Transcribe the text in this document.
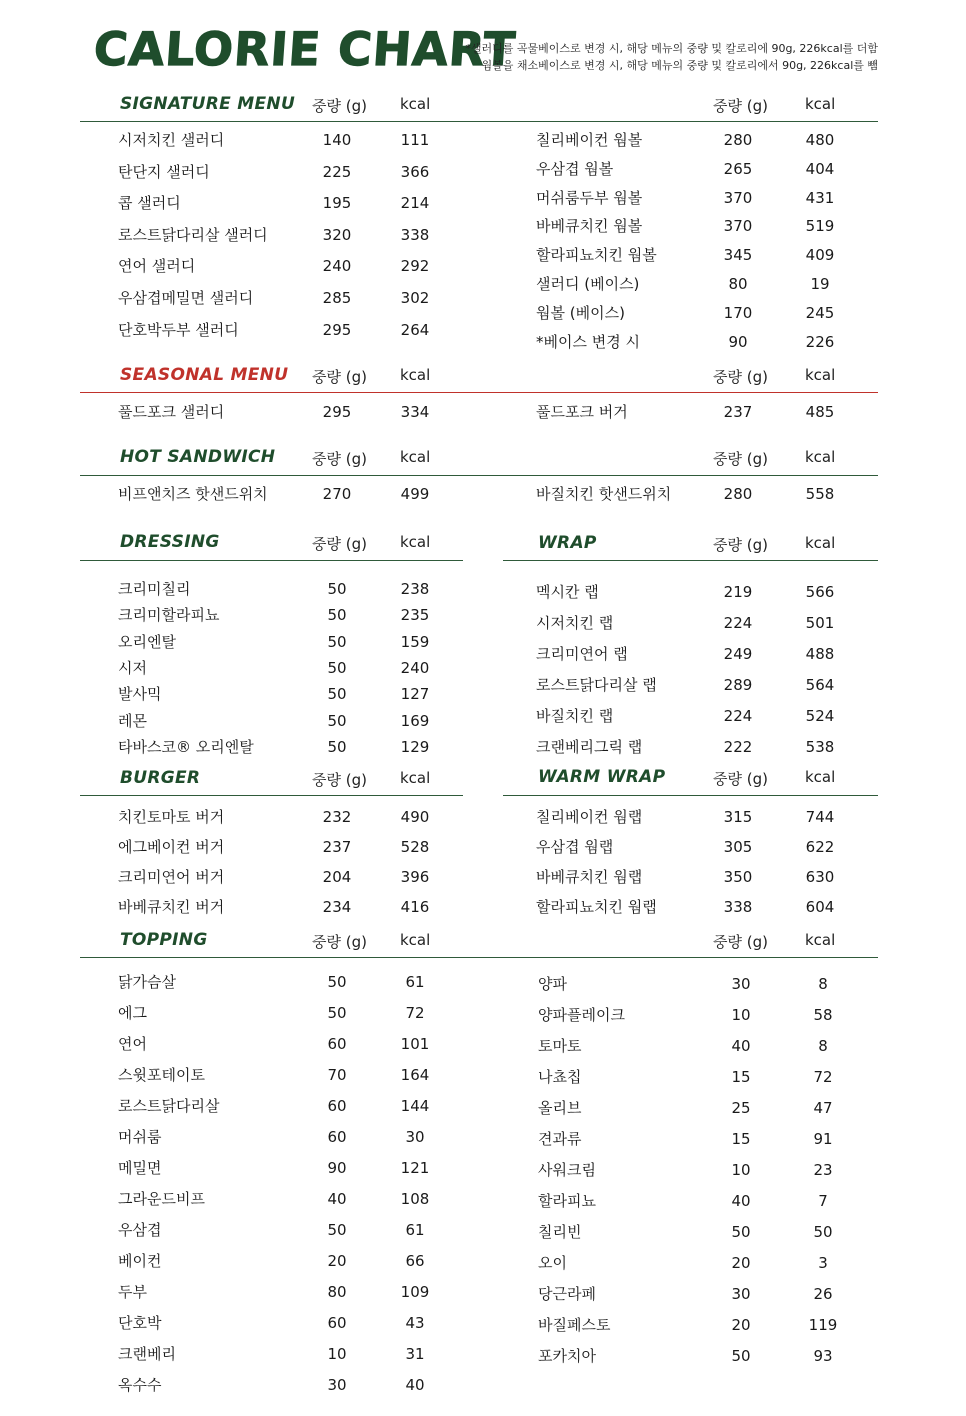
CALORIE CHART
*샐러디를 곡물베이스로 변경 시, 해당 메뉴의 중량 및 칼로리에 90g, 226kcal를 더함
웜볼을 채소베이스로 변경 시, 해당 메뉴의 중량 및 칼로리에서 90g, 226kcal를 뺌
SIGNATURE MENU 중량 (g) kcal	중량 (g) kcal
시저치킨 샐러디	140	111
탄단지 샐러디	225	366
콥 샐러디	195	214
로스트닭다리살 샐러디	320	338
연어 샐러디	240	292
우삼겹메밀면 샐러디	285	302
단호박두부 샐러디	295	264
칠리베이컨 웜볼	280	480
우삼겹 웜볼	265	404
머쉬룸두부 웜볼	370	431
바베큐치킨 웜볼	370	519
할라피뇨치킨 웜볼	345	409
샐러디 (베이스)	80	19
웜볼 (베이스)	170	245
*베이스 변경 시	90	226
SEASONAL MENU 중량 (g) kcal	중량 (g) kcal
풀드포크 샐러디	295	334	풀드포크 버거	237	485
HOT SANDWICH 중량 (g) kcal	중량 (g) kcal
비프앤치즈 핫샌드위치	270	499	바질치킨 핫샌드위치	280	558
DRESSING	중량 (g) kcal
크리미칠리	50	238
크리미할라피뇨	50	235
오리엔탈	50	159
시저	50	240
발사믹	50	127
레몬	50	169
타바스코® 오리엔탈	50	129
WRAP	중량 (g) kcal
멕시칸 랩	219	566
시저치킨 랩	224	501
크리미연어 랩	249	488
로스트닭다리살 랩	289	564
바질치킨 랩	224	524
크랜베리그릭 랩	222	538
BURGER	중량 (g) kcal
치킨토마토 버거	232	490
에그베이컨 버거	237	528
크리미연어 버거	204	396
바베큐치킨 버거	234	416
WARM WRAP	중량 (g) kcal
칠리베이컨 웜랩	315	744
우삼겹 웜랩	305	622
바베큐치킨 웜랩	350	630
할라피뇨치킨 웜랩	338	604
TOPPING	중량 (g) kcal	중량 (g) kcal
닭가슴살	50	61
에그	50	72
연어	60	101
스윗포테이토	70	164
로스트닭다리살	60	144
머쉬룸	60	30
메밀면	90	121
그라운드비프	40	108
우삼겹	50	61
베이컨	20	66
두부	80	109
단호박	60	43
크랜베리	10	31
옥수수	30	40
양파	30	8
양파플레이크	10	58
토마토	40	8
나쵸칩	15	72
올리브	25	47
견과류	15	91
사워크림	10	23
할라피뇨	40	7
칠리빈	50	50
오이	20	3
당근라페	30	26
바질페스토	20	119
포카치아	50	93
